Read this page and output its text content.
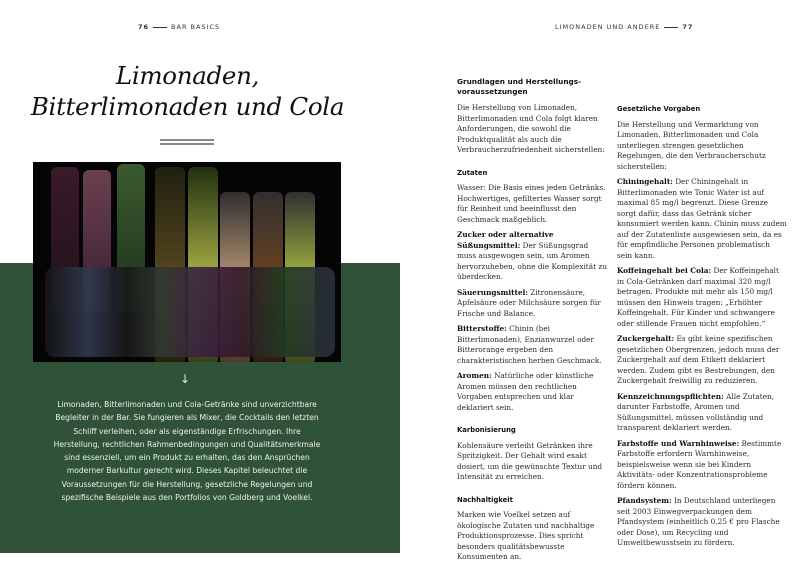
76	BAR BASICS
Limonaden,
Bitterlimonaden und Cola
↓

Limonaden, Bitterlimonaden und Cola-Getränke sind unverzichtbare Begleiter in der Bar. Sie fungieren als Mixer, die Cocktails den letzten Schliff verleihen, oder als eigenständige Erfrischungen. Ihre Herstellung, rechtlichen Rahmenbedingungen und Qualitätsmerkmale sind essenziell, um ein Produkt zu erhalten, das den Ansprüchen moderner Barkultur gerecht wird. Dieses Kapitel beleuchtet die Voraussetzungen für die Herstellung, gesetzliche Regelungen und spezifische Beispiele aus den Portfolios von Goldberg und Voelkel.

LIMONADEN UND ANDERE	77
Grundlagen und Herstellungsvoraussetzungen

Die Herstellung von Limonaden, Bitterlimonaden und Cola folgt klaren Anforderungen, die sowohl die Produktqualität als auch die Verbraucherzufriedenheit sicherstellen:

Zutaten

Wasser: Die Basis eines jeden Getränks. Hochwertiges, gefiltertes Wasser sorgt für Reinheit und beeinflusst den Geschmack maßgeblich.

Zucker oder alternative Süßungsmittel: Der Süßungsgrad muss ausgewogen sein, um Aromen hervorzuheben, ohne die Komplexität zu überdecken.

Säuerungsmittel: Zitronensäure, Apfelsäure oder Milchsäure sorgen für Frische und Balance.

Bitterstoffe: Chinin (bei Bitterlimonaden), Enzianwurzel oder Bitterorange ergeben den charakteristischen herben Geschmack.

Aromen: Natürliche oder künstliche Aromen müssen den rechtlichen Vorgaben entsprechen und klar deklariert sein.

Karbonisierung

Kohlensäure verleiht Getränken ihre Spritzigkeit. Der Gehalt wird exakt dosiert, um die gewünschte Textur und Intensität zu erreichen.

Nachhaltigkeit

Marken wie Voelkel setzen auf ökologische Zutaten und nachhaltige Produktionsprozesse. Dies spricht besonders qualitätsbewusste Konsumenten an.

Gesetzliche Vorgaben

Die Herstellung und Vermarktung von Limonaden, Bitterlimonaden und Cola unterliegen strengen gesetzlichen Regelungen, die den Verbraucherschutz sicherstellen:

Chiningehalt: Der Chiningehalt in Bitterlimonaden wie Tonic Water ist auf maximal 85 mg/l begrenzt. Diese Grenze sorgt dafür, dass das Getränk sicher konsumiert werden kann. Chinin muss zudem auf der Zutatenliste ausgewiesen sein, da es für empfindliche Personen problematisch sein kann.

Koffeingehalt bei Cola: Der Koffeingehalt in Cola-Getränken darf maximal 320 mg/l betragen. Produkte mit mehr als 150 mg/l müssen den Hinweis tragen: „Erhöhter Koffeingehalt. Für Kinder und schwangere oder stillende Frauen nicht empfohlen.“

Zuckergehalt: Es gibt keine spezifischen gesetzlichen Obergrenzen, jedoch muss der Zuckergehalt auf dem Etikett deklariert werden. Zudem gibt es Bestrebungen, den Zuckergehalt freiwillig zu reduzieren.

Kennzeichnungspflichten: Alle Zutaten, darunter Farbstoffe, Aromen und Süßungsmittel, müssen vollständig und transparent deklariert werden.

Farbstoffe und Warnhinweise: Bestimmte Farbstoffe erfordern Warnhinweise, beispielsweise wenn sie bei Kindern Aktivitäts- oder Konzentrationsprobleme fördern können.

Pfandsystem: In Deutschland unterliegen seit 2003 Einwegverpackungen dem Pfandsystem (einheitlich 0,25 € pro Flasche oder Dose), um Recycling und Umweltbewusstsein zu fördern.
